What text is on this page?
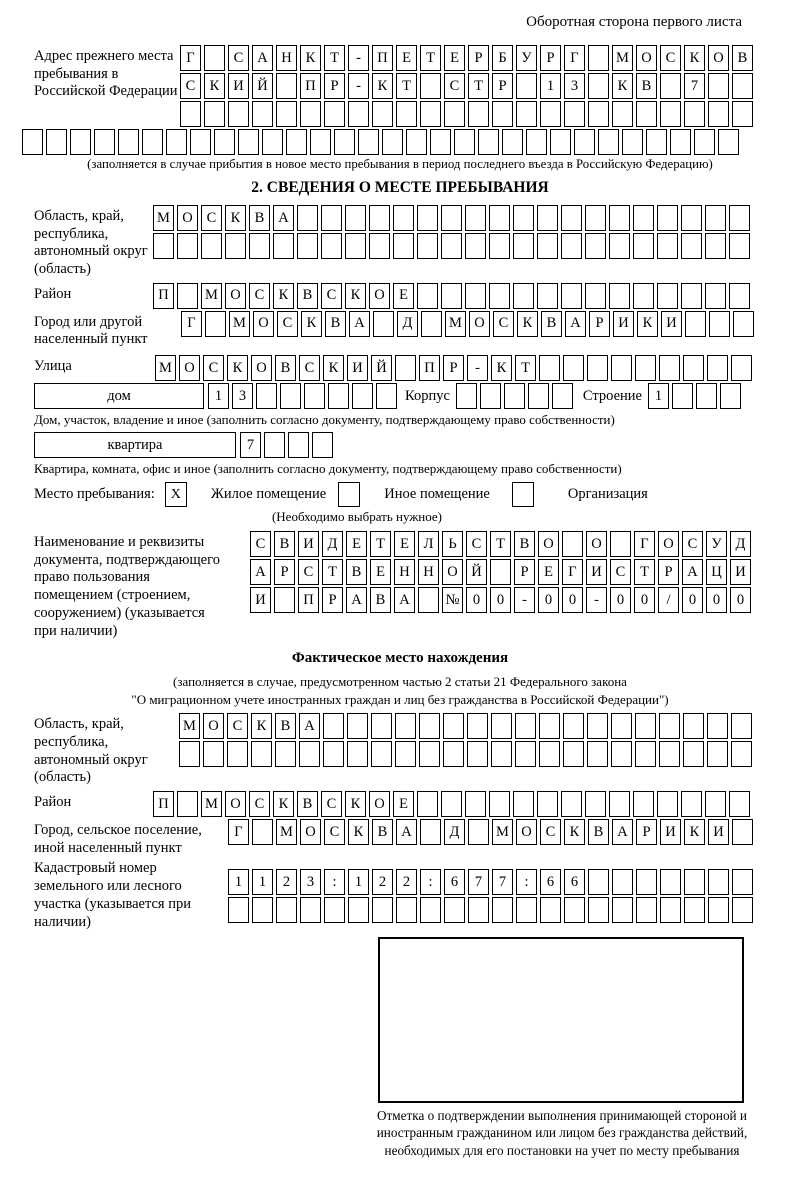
Оборотная сторона первого листа
Адрес прежнего места пребывания в Российской Федерации
Г	С А Н К	Т	-	П Е	Т	Е	Р	Б	У	Р	Г	М О С К О В
С К И Й	П	Р	-	К	Т	С	Т	Р	1	3	К В	7
(заполняется в случае прибытия в новое место пребывания в период последнего въезда в Российскую Федерацию)
2. СВЕДЕНИЯ О МЕСТЕ ПРЕБЫВАНИЯ
Область, край, республика, автономный округ (область)
М О С К В А
Район	П	М О С К В С К О Е
Город или другой населенный пункт
Г	М О С К В А	Д	М О С К В А	Р	И К И
Улица	М О С К О В С К И Й	П	Р	-	К	Т
дом	1	3	Корпус	Строение 1
Дом, участок, владение и иное (заполнить согласно документу, подтверждающему право собственности)
квартира	7
Квартира, комната, офис и иное (заполнить согласно документу, подтверждающему право собственности)
Место пребывания:	X	Жилое помещение	Иное помещение	Организация
(Необходимо выбрать нужное)
Наименование и реквизиты документа, подтверждающего право пользования помещением (строением, сооружением) (указывается при наличии)
С В И Д	Е	Т	Е	Л	Ь	С	Т	В О	О	Г	О С У Д
А	Р	С	Т	В	Е Н Н О Й	Р	Е	Г	И С	Т	Р	А Ц И
И	П	Р	А В А	№ 0	0	-	0	0	-	0	0	/	0	0	0
Фактическое место нахождения
(заполняется в случае, предусмотренном частью 2 статьи 21 Федерального закона
"О миграционном учете иностранных граждан и лиц без гражданства в Российской Федерации")
Область, край, республика, автономный округ (область)
М О С К В А
Район	П	М О С К В С К О Е
Город, сельское поселение, иной населенный пункт
Г	М О С К В А	Д	М О С К В А	Р	И К И
Кадастровый номер земельного или лесного участка (указывается при наличии)
1	1	2	3	:	1	2	2	:	6	7	7	:	6	6
Отметка о подтверждении выполнения принимающей стороной и иностранным гражданином или лицом без гражданства действий, необходимых для его постановки на учет по месту пребывания
